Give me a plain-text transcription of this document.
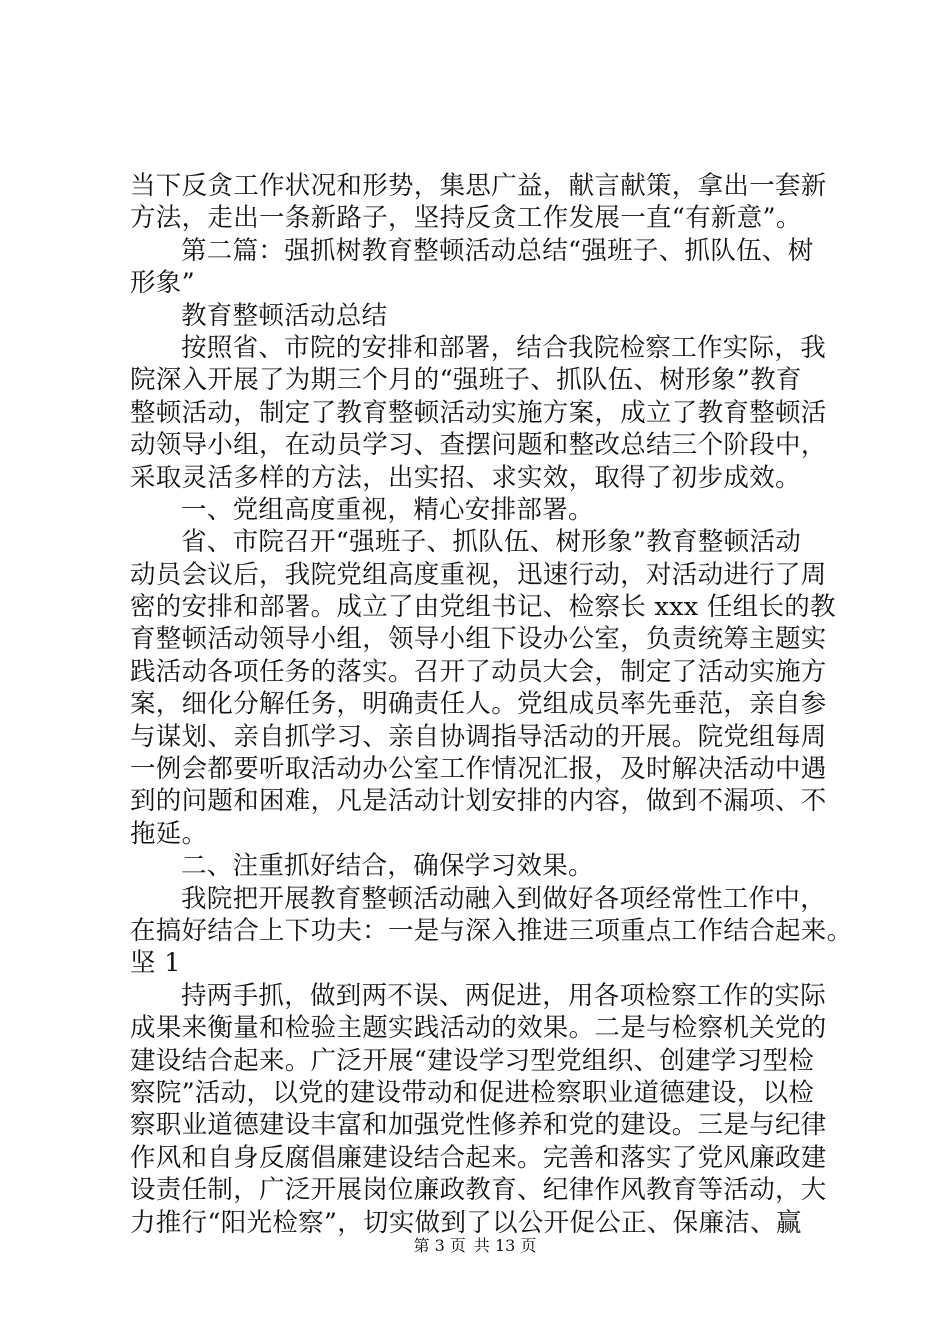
当下反贪工作状况和形势，集思广益，献言献策，拿出一套新
方法，走出一条新路子，坚持反贪工作发展一直“有新意”。
第二篇：强抓树教育整顿活动总结“强班子、抓队伍、树
形象”
教育整顿活动总结
按照省、市院的安排和部署，结合我院检察工作实际，我
院深入开展了为期三个月的“强班子、抓队伍、树形象”教育
整顿活动，制定了教育整顿活动实施方案，成立了教育整顿活
动领导小组，在动员学习、查摆问题和整改总结三个阶段中，
采取灵活多样的方法，出实招、求实效，取得了初步成效。
一、党组高度重视，精心安排部署。
省、市院召开“强班子、抓队伍、树形象”教育整顿活动
动员会议后，我院党组高度重视，迅速行动，对活动进行了周
密的安排和部署。成立了由党组书记、检察长 xxx 任组长的教
育整顿活动领导小组，领导小组下设办公室，负责统筹主题实
践活动各项任务的落实。召开了动员大会，制定了活动实施方
案，细化分解任务，明确责任人。党组成员率先垂范，亲自参
与谋划、亲自抓学习、亲自协调指导活动的开展。院党组每周
一例会都要听取活动办公室工作情况汇报，及时解决活动中遇
到的问题和困难，凡是活动计划安排的内容，做到不漏项、不
拖延。
二、注重抓好结合，确保学习效果。
我院把开展教育整顿活动融入到做好各项经常性工作中，
在搞好结合上下功夫：一是与深入推进三项重点工作结合起来。
坚 1
持两手抓，做到两不误、两促进，用各项检察工作的实际
成果来衡量和检验主题实践活动的效果。二是与检察机关党的
建设结合起来。广泛开展“建设学习型党组织、创建学习型检
察院”活动，以党的建设带动和促进检察职业道德建设，以检
察职业道德建设丰富和加强党性修养和党的建设。三是与纪律
作风和自身反腐倡廉建设结合起来。完善和落实了党风廉政建
设责任制，广泛开展岗位廉政教育、纪律作风教育等活动，大
力推行“阳光检察”，切实做到了以公开促公正、保廉洁、赢
第 3 页 共 13 页
